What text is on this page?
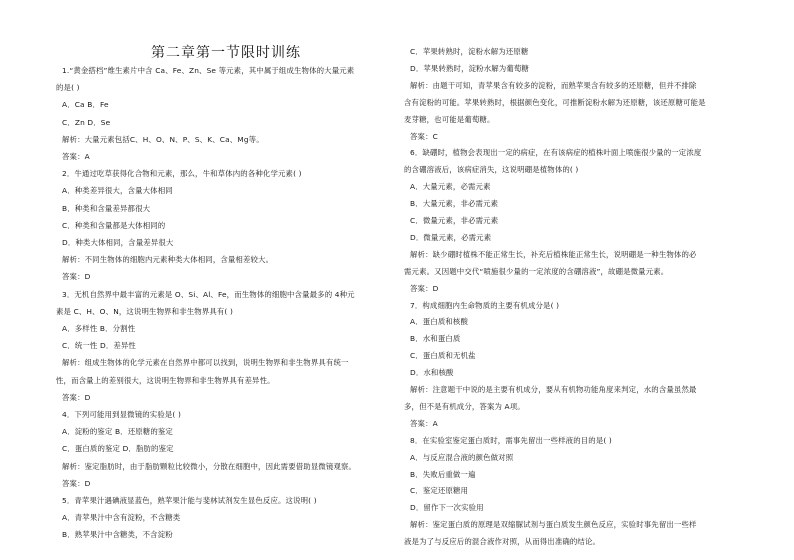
第二章第一节限时训练
1.“黄金搭档”维生素片中含 Ca、Fe、Zn、Se 等元素，其中属于组成生物体的大量元素
的是( )
A．Ca B．Fe
C．Zn D．Se
解析：大量元素包括C、H、O、N、P、S、K、Ca、Mg等。
答案：A
2．牛通过吃草获得化合物和元素，那么，牛和草体内的各种化学元素( )
A．种类差异很大，含量大体相同
B．种类和含量差异都很大
C．种类和含量都是大体相同的
D．种类大体相同，含量差异很大
解析：不同生物体的细胞内元素种类大体相同，含量相差较大。
答案：D
3．无机自然界中最丰富的元素是 O、Si、Al、Fe，而生物体的细胞中含量最多的 4种元
素是 C、H、O、N，这说明生物界和非生物界具有( )
A．多样性 B．分割性
C．统一性 D．差异性
解析：组成生物体的化学元素在自然界中都可以找到，说明生物界和非生物界具有统一
性，而含量上的差别很大，这说明生物界和非生物界具有差异性。
答案：D
4．下列可能用到显微镜的实验是( )
A．淀粉的鉴定 B．还原糖的鉴定
C．蛋白质的鉴定 D．脂肪的鉴定
解析：鉴定脂肪时，由于脂肪颗粒比较微小，分散在细胞中，因此需要借助显微镜观察。
答案：D
5．青苹果汁遇碘液显蓝色，熟苹果汁能与斐林试剂发生显色反应。这说明( )
A．青苹果汁中含有淀粉，不含糖类
B．熟苹果汁中含糖类，不含淀粉
C．苹果转熟时，淀粉水解为还原糖
D．苹果转熟时，淀粉水解为葡萄糖
解析：由题干可知，青苹果含有较多的淀粉，而熟苹果含有较多的还原糖，但并不排除
含有淀粉的可能。苹果转熟时，根据颜色变化，可推断淀粉水解为还原糖，该还原糖可能是
麦芽糖，也可能是葡萄糖。
答案：C
6．缺硼时，植物会表现出一定的病症，在有该病症的植株叶面上喷施很少量的一定浓度
的含硼溶液后，该病症消失，这说明硼是植物体的( )
A．大量元素，必需元素
B．大量元素，非必需元素
C．微量元素，非必需元素
D．微量元素，必需元素
解析：缺少硼时植株不能正常生长，补充后植株能正常生长，说明硼是一种生物体的必
需元素。又因题中交代“喷施很少量的一定浓度的含硼溶液”，故硼是微量元素。
答案：D
7．构成细胞内生命物质的主要有机成分是( )
A．蛋白质和核酸
B．水和蛋白质
C．蛋白质和无机盐
D．水和核酸
解析：注意题干中说的是主要有机成分，要从有机物功能角度来判定，水的含量虽然最
多，但不是有机成分，答案为 A项。
答案：A
8．在实验室鉴定蛋白质时，需事先留出一些样液的目的是( )
A．与反应混合液的颜色做对照
B．失败后重做一遍
C．鉴定还原糖用
D．留作下一次实验用
解析：鉴定蛋白质的原理是双缩脲试剂与蛋白质发生颜色反应，实验时事先留出一些样
液是为了与反应后的混合液作对照，从而得出准确的结论。
